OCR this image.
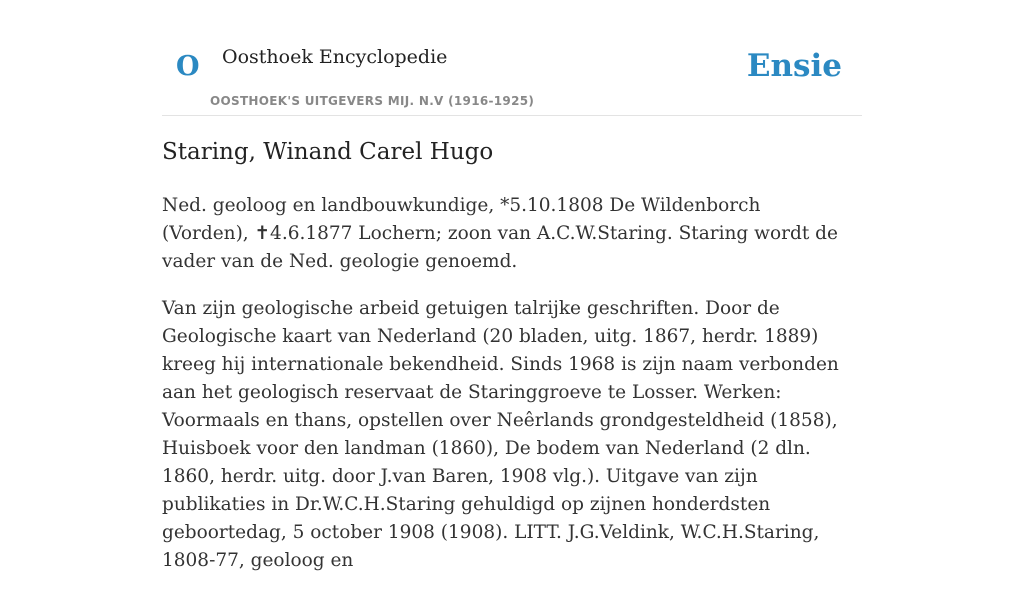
O Oosthoek Encyclopedie
OOSTHOEK'S UITGEVERS MIJ. N.V (1916-1925)
Ensie
Staring, Winand Carel Hugo

Ned. geoloog en landbouwkundige, *5.10.1808 De Wildenborch (Vorden), ✝4.6.1877 Lochern; zoon van A.C.W.Staring. Staring wordt de vader van de Ned. geologie genoemd.

Van zijn geologische arbeid getuigen talrijke geschriften. Door de Geologische kaart van Nederland (20 bladen, uitg. 1867, herdr. 1889) kreeg hij internationale bekendheid. Sinds 1968 is zijn naam verbonden aan het geologisch reservaat de Staringgroeve te Losser. Werken: Voormaals en thans, opstellen over Neêrlands grondgesteldheid (1858), Huisboek voor den landman (1860), De bodem van Nederland (2 dln. 1860, herdr. uitg. door J.van Baren, 1908 vlg.). Uitgave van zijn publikaties in Dr.W.C.H.Staring gehuldigd op zijnen honderdsten geboortedag, 5 october 1908 (1908). LITT. J.G.Veldink, W.C.H.Staring, 1808-77, geoloog en
